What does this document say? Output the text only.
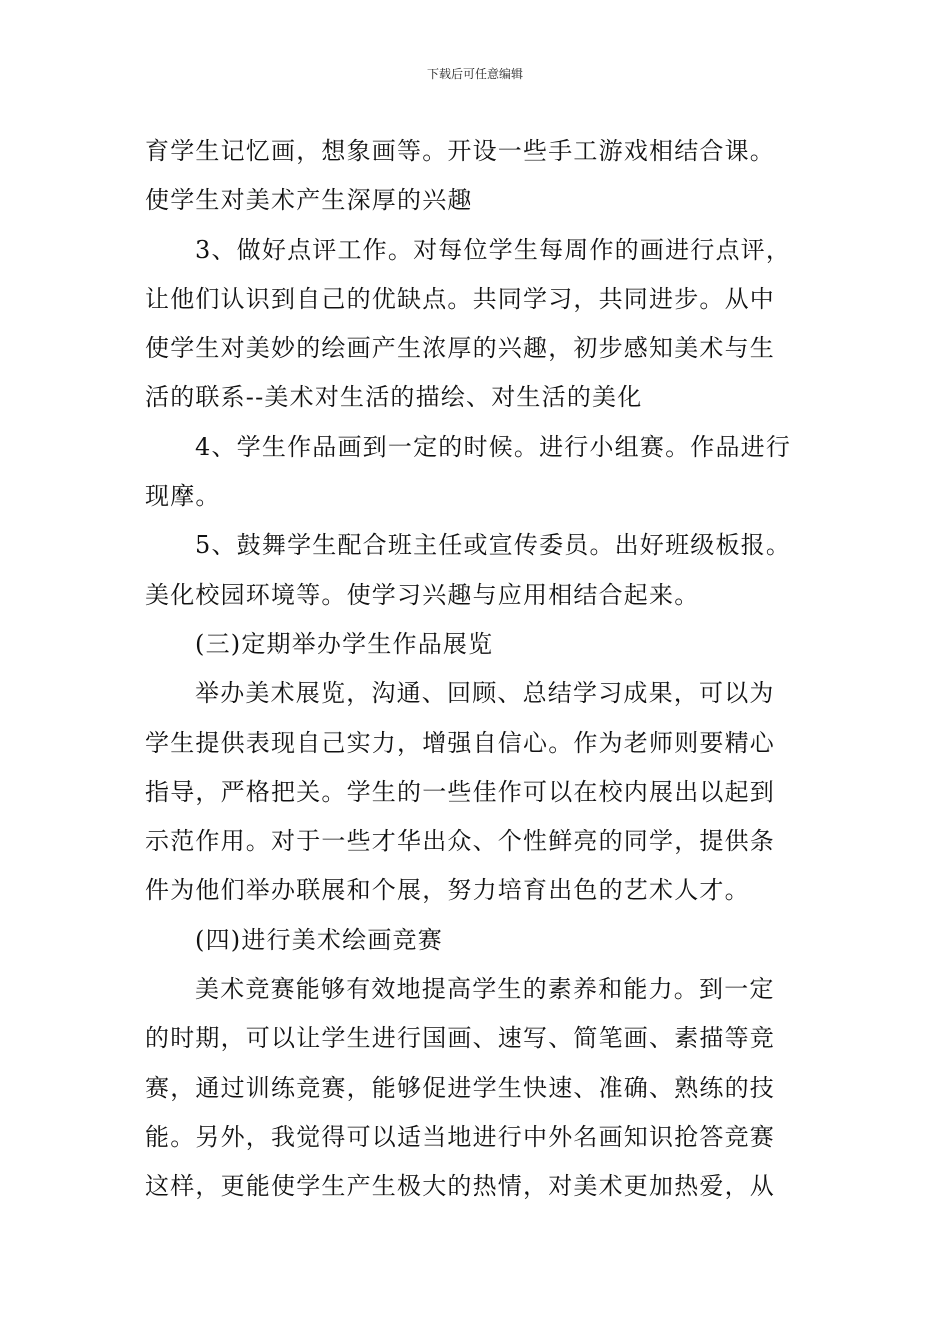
下载后可任意编辑
育学生记忆画，想象画等。开设一些手工游戏相结合课。
使学生对美术产生深厚的兴趣
3、做好点评工作。对每位学生每周作的画进行点评，
让他们认识到自己的优缺点。共同学习，共同进步。从中
使学生对美妙的绘画产生浓厚的兴趣，初步感知美术与生
活的联系--美术对生活的描绘、对生活的美化
4、学生作品画到一定的时候。进行小组赛。作品进行
现摩。
5、鼓舞学生配合班主任或宣传委员。出好班级板报。
美化校园环境等。使学习兴趣与应用相结合起来。
(三)定期举办学生作品展览
举办美术展览，沟通、回顾、总结学习成果，可以为
学生提供表现自己实力，增强自信心。作为老师则要精心
指导，严格把关。学生的一些佳作可以在校内展出以起到
示范作用。对于一些才华出众、个性鲜亮的同学，提供条
件为他们举办联展和个展，努力培育出色的艺术人才。
(四)进行美术绘画竞赛
美术竞赛能够有效地提高学生的素养和能力。到一定
的时期，可以让学生进行国画、速写、简笔画、素描等竞
赛，通过训练竞赛，能够促进学生快速、准确、熟练的技
能。另外，我觉得可以适当地进行中外名画知识抢答竞赛
这样，更能使学生产生极大的热情，对美术更加热爱，从
